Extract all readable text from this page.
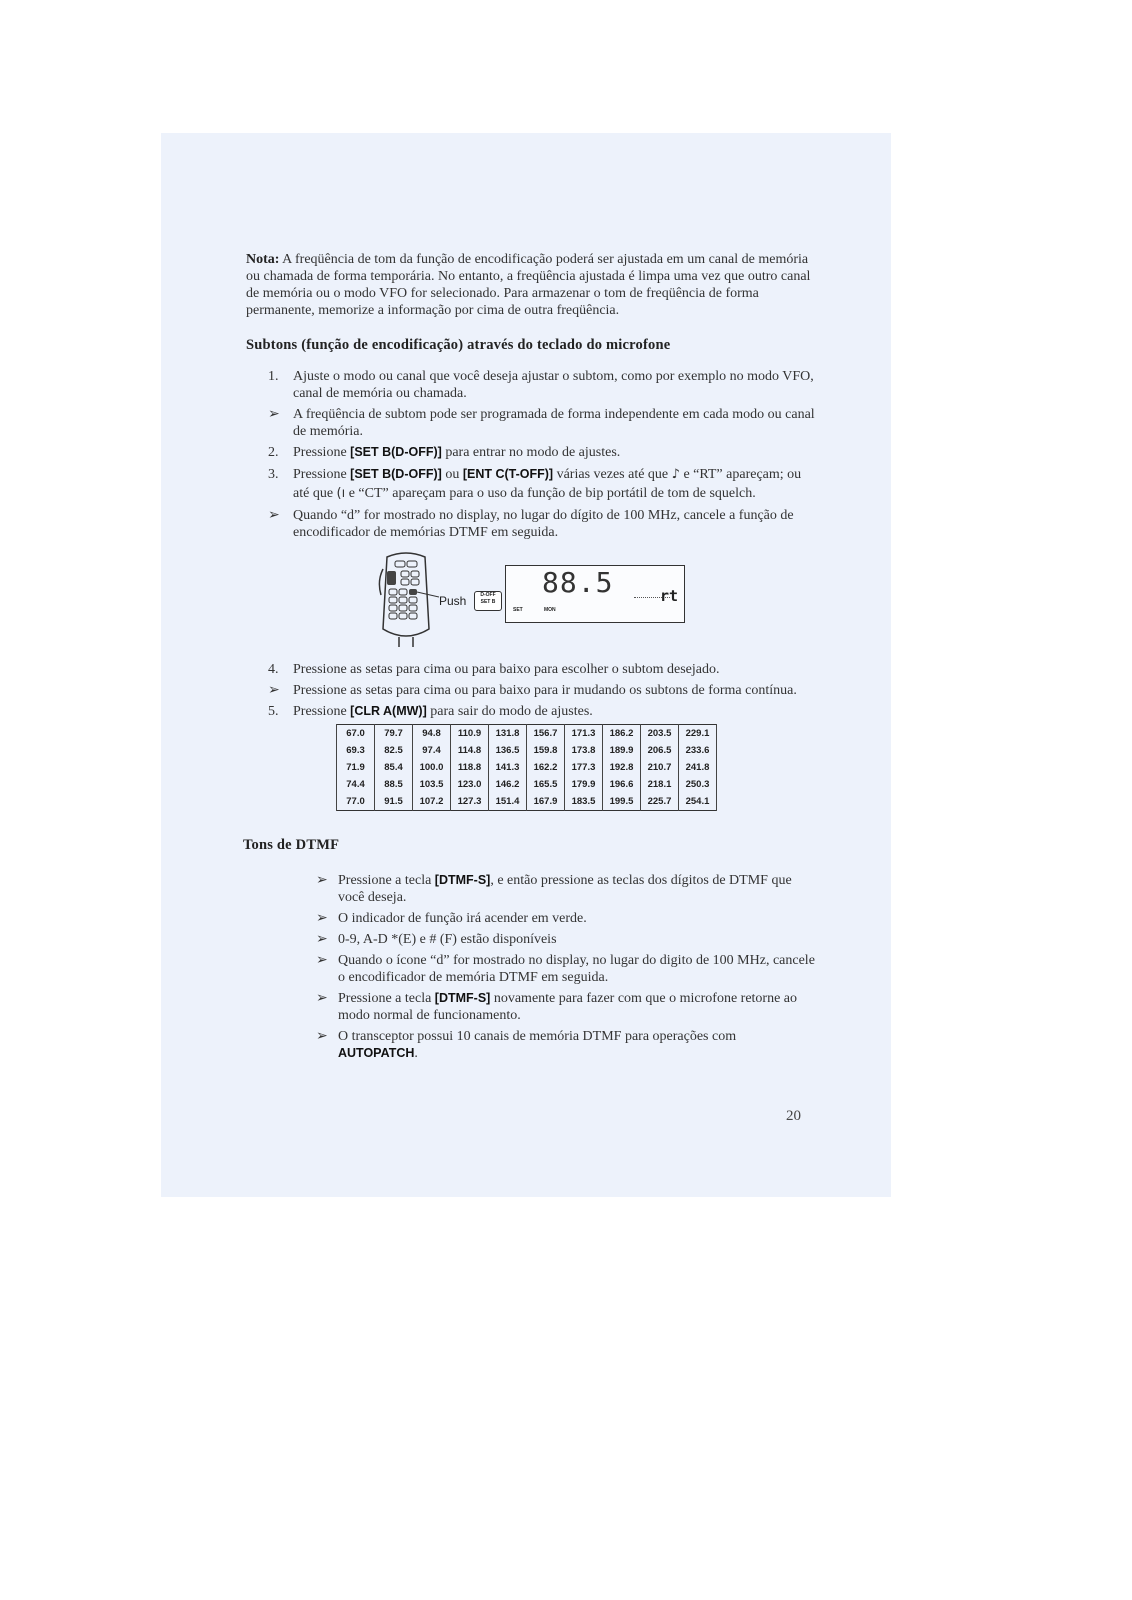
Nota: A freqüência de tom da função de encodificação poderá ser ajustada em um canal de memória ou chamada de forma temporária. No entanto, a freqüência ajustada é limpa uma vez que outro canal de memória ou o modo VFO for selecionado. Para armazenar o tom de freqüência de forma permanente, memorize a informação por cima de outra freqüência.

Subtons (função de encodificação) através do teclado do microfone
1.	Ajuste o modo ou canal que você deseja ajustar o subtom, como por exemplo no modo VFO, canal de memória ou chamada.
➢ A freqüência de subtom pode ser programada de forma independente em cada modo ou canal de memória.
2.	Pressione [SET B(D-OFF)] para entrar no modo de ajustes.
3.	Pressione [SET B(D-OFF)] ou [ENT C(T-OFF)] várias vezes até que ♪ e “RT” apareçam; ou até que (ı e “CT” apareçam para o uso da função de bip portátil de tom de squelch.
➢ Quando “d” for mostrado no display, no lugar do dígito de 100 MHz, cancele a função de encodificador de memórias DTMF em seguida.
Push	D-OFF
SET B
88.5	rt
SET	MON
4.	Pressione as setas para cima ou para baixo para escolher o subtom desejado.
➢ Pressione as setas para cima ou para baixo para ir mudando os subtons de forma contínua.
5.	Pressione [CLR A(MW)] para sair do modo de ajustes.
67.0	79.7	94.8	110.9	131.8	156.7	171.3	186.2	203.5	229.1
69.3	82.5	97.4	114.8	136.5	159.8	173.8	189.9	206.5	233.6
71.9	85.4	100.0	118.8	141.3	162.2	177.3	192.8	210.7	241.8
74.4	88.5	103.5	123.0	146.2	165.5	179.9	196.6	218.1	250.3
77.0	91.5	107.2	127.3	151.4	167.9	183.5	199.5	225.7	254.1
Tons de DTMF
➢ Pressione a tecla [DTMF-S], e então pressione as teclas dos dígitos de DTMF que você deseja.
➢ O indicador de função irá acender em verde.
➢ 0-9, A-D *(E) e # (F) estão disponíveis
➢ Quando o ícone “d” for mostrado no display, no lugar do digito de 100 MHz, cancele o encodificador de memória DTMF em seguida.
➢ Pressione a tecla [DTMF-S] novamente para fazer com que o microfone retorne ao modo normal de funcionamento.
➢ O transceptor possui 10 canais de memória DTMF para operações com AUTOPATCH.
20
